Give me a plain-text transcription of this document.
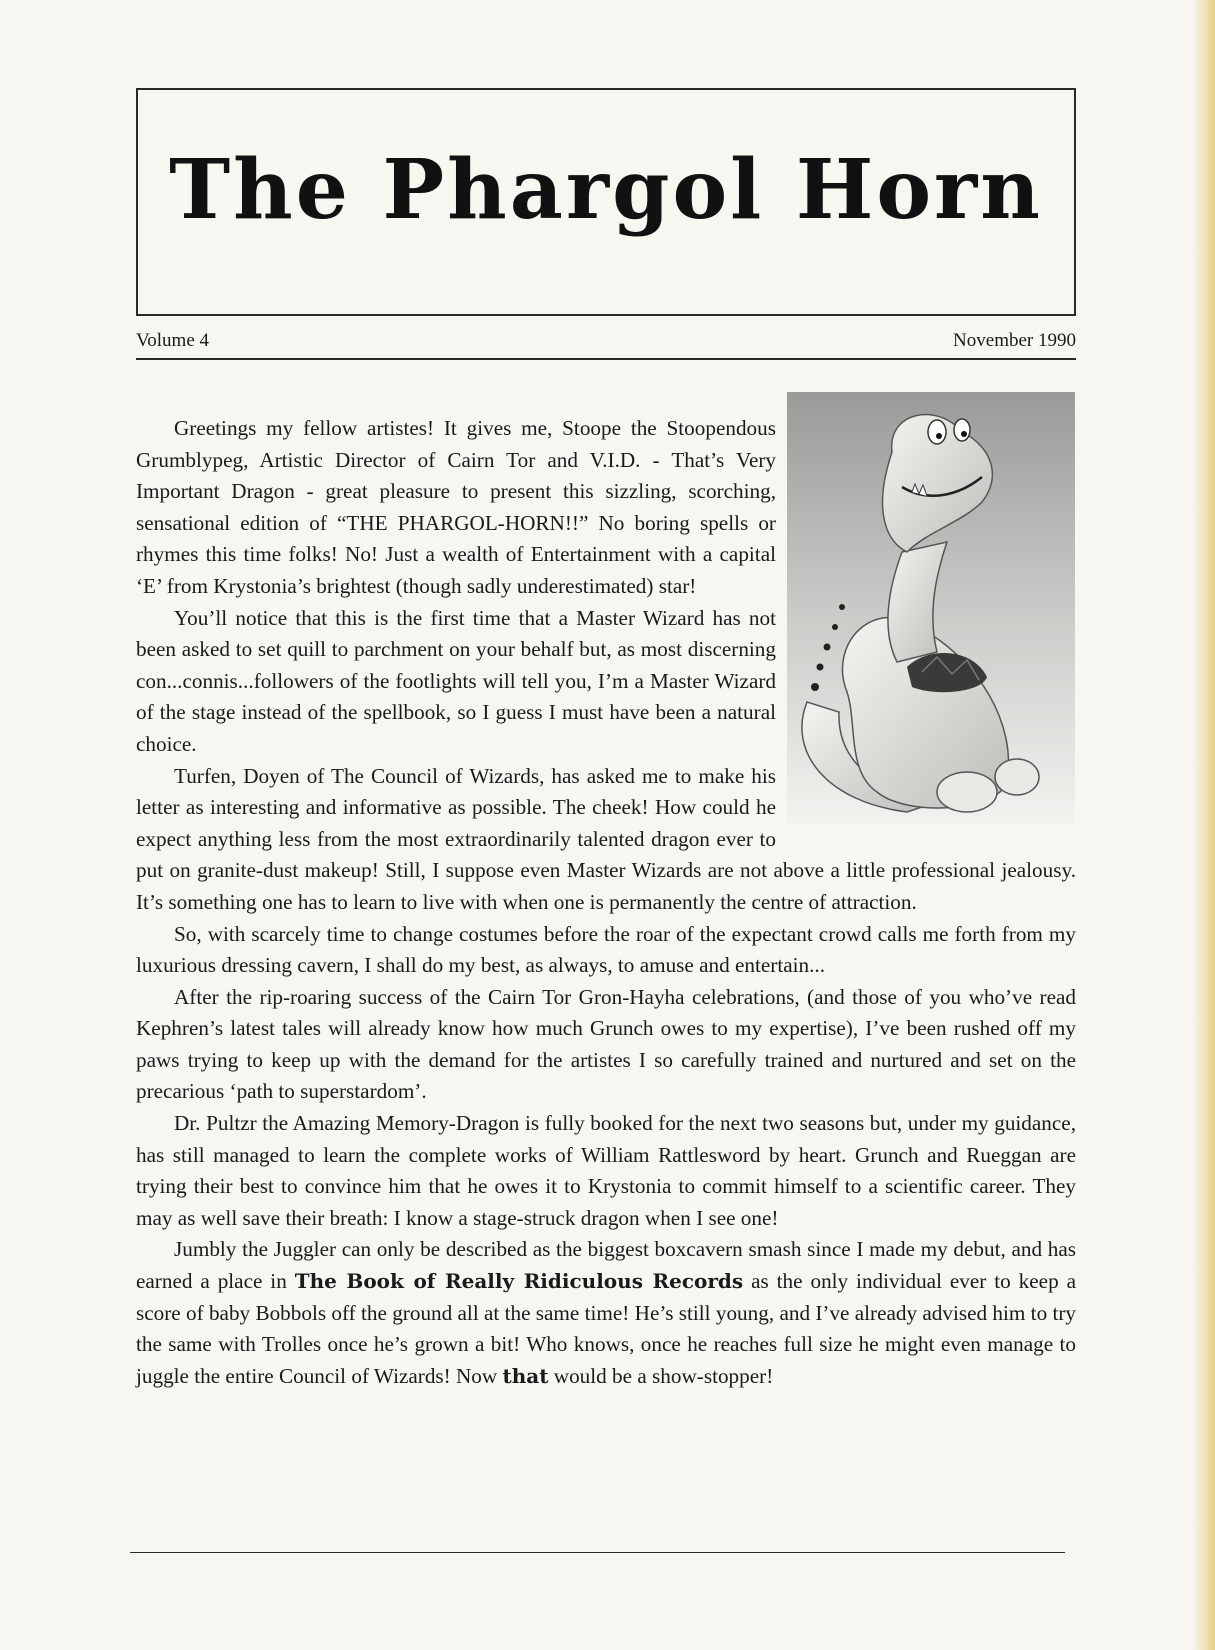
The Phargol Horn
Volume 4	November 1990

Greetings my fellow artistes! It gives me, Stoope the Stoopendous Grumblypeg, Artistic Director of Cairn Tor and V.I.D. - That’s Very Important Dragon - great pleasure to present this sizzling, scorching, sensational edition of “THE PHARGOL-HORN!!” No boring spells or rhymes this time folks! No! Just a wealth of Entertainment with a capital ‘E’ from Krystonia’s brightest (though sadly underestimated) star!

You’ll notice that this is the first time that a Master Wizard has not been asked to set quill to parchment on your behalf but, as most discerning con...connis...followers of the footlights will tell you, I’m a Master Wizard of the stage instead of the spellbook, so I guess I must have been a natural choice.

Turfen, Doyen of The Council of Wizards, has asked me to make his letter as interesting and informative as possible. The cheek! How could he expect anything less from the most extraordinarily talented dragon ever to put on granite-dust makeup! Still, I suppose even Master Wizards are not above a little professional jealousy. It’s something one has to learn to live with when one is permanently the centre of attraction.

So, with scarcely time to change costumes before the roar of the expectant crowd calls me forth from my luxurious dressing cavern, I shall do my best, as always, to amuse and entertain...

After the rip-roaring success of the Cairn Tor Gron-Hayha celebrations, (and those of you who’ve read Kephren’s latest tales will already know how much Grunch owes to my expertise), I’ve been rushed off my paws trying to keep up with the demand for the artistes I so carefully trained and nurtured and set on the precarious ‘path to superstardom’.

Dr. Pultzr the Amazing Memory-Dragon is fully booked for the next two seasons but, under my guidance, has still managed to learn the complete works of William Rattlesword by heart. Grunch and Rueggan are trying their best to convince him that he owes it to Krystonia to commit himself to a scientific career. They may as well save their breath: I know a stage-struck dragon when I see one!

Jumbly the Juggler can only be described as the biggest boxcavern smash since I made my debut, and has earned a place in The Book of Really Ridiculous Records as the only individual ever to keep a score of baby Bobbols off the ground all at the same time! He’s still young, and I’ve already advised him to try the same with Trolles once he’s grown a bit! Who knows, once he reaches full size he might even manage to juggle the entire Council of Wizards! Now that would be a show-stopper!
